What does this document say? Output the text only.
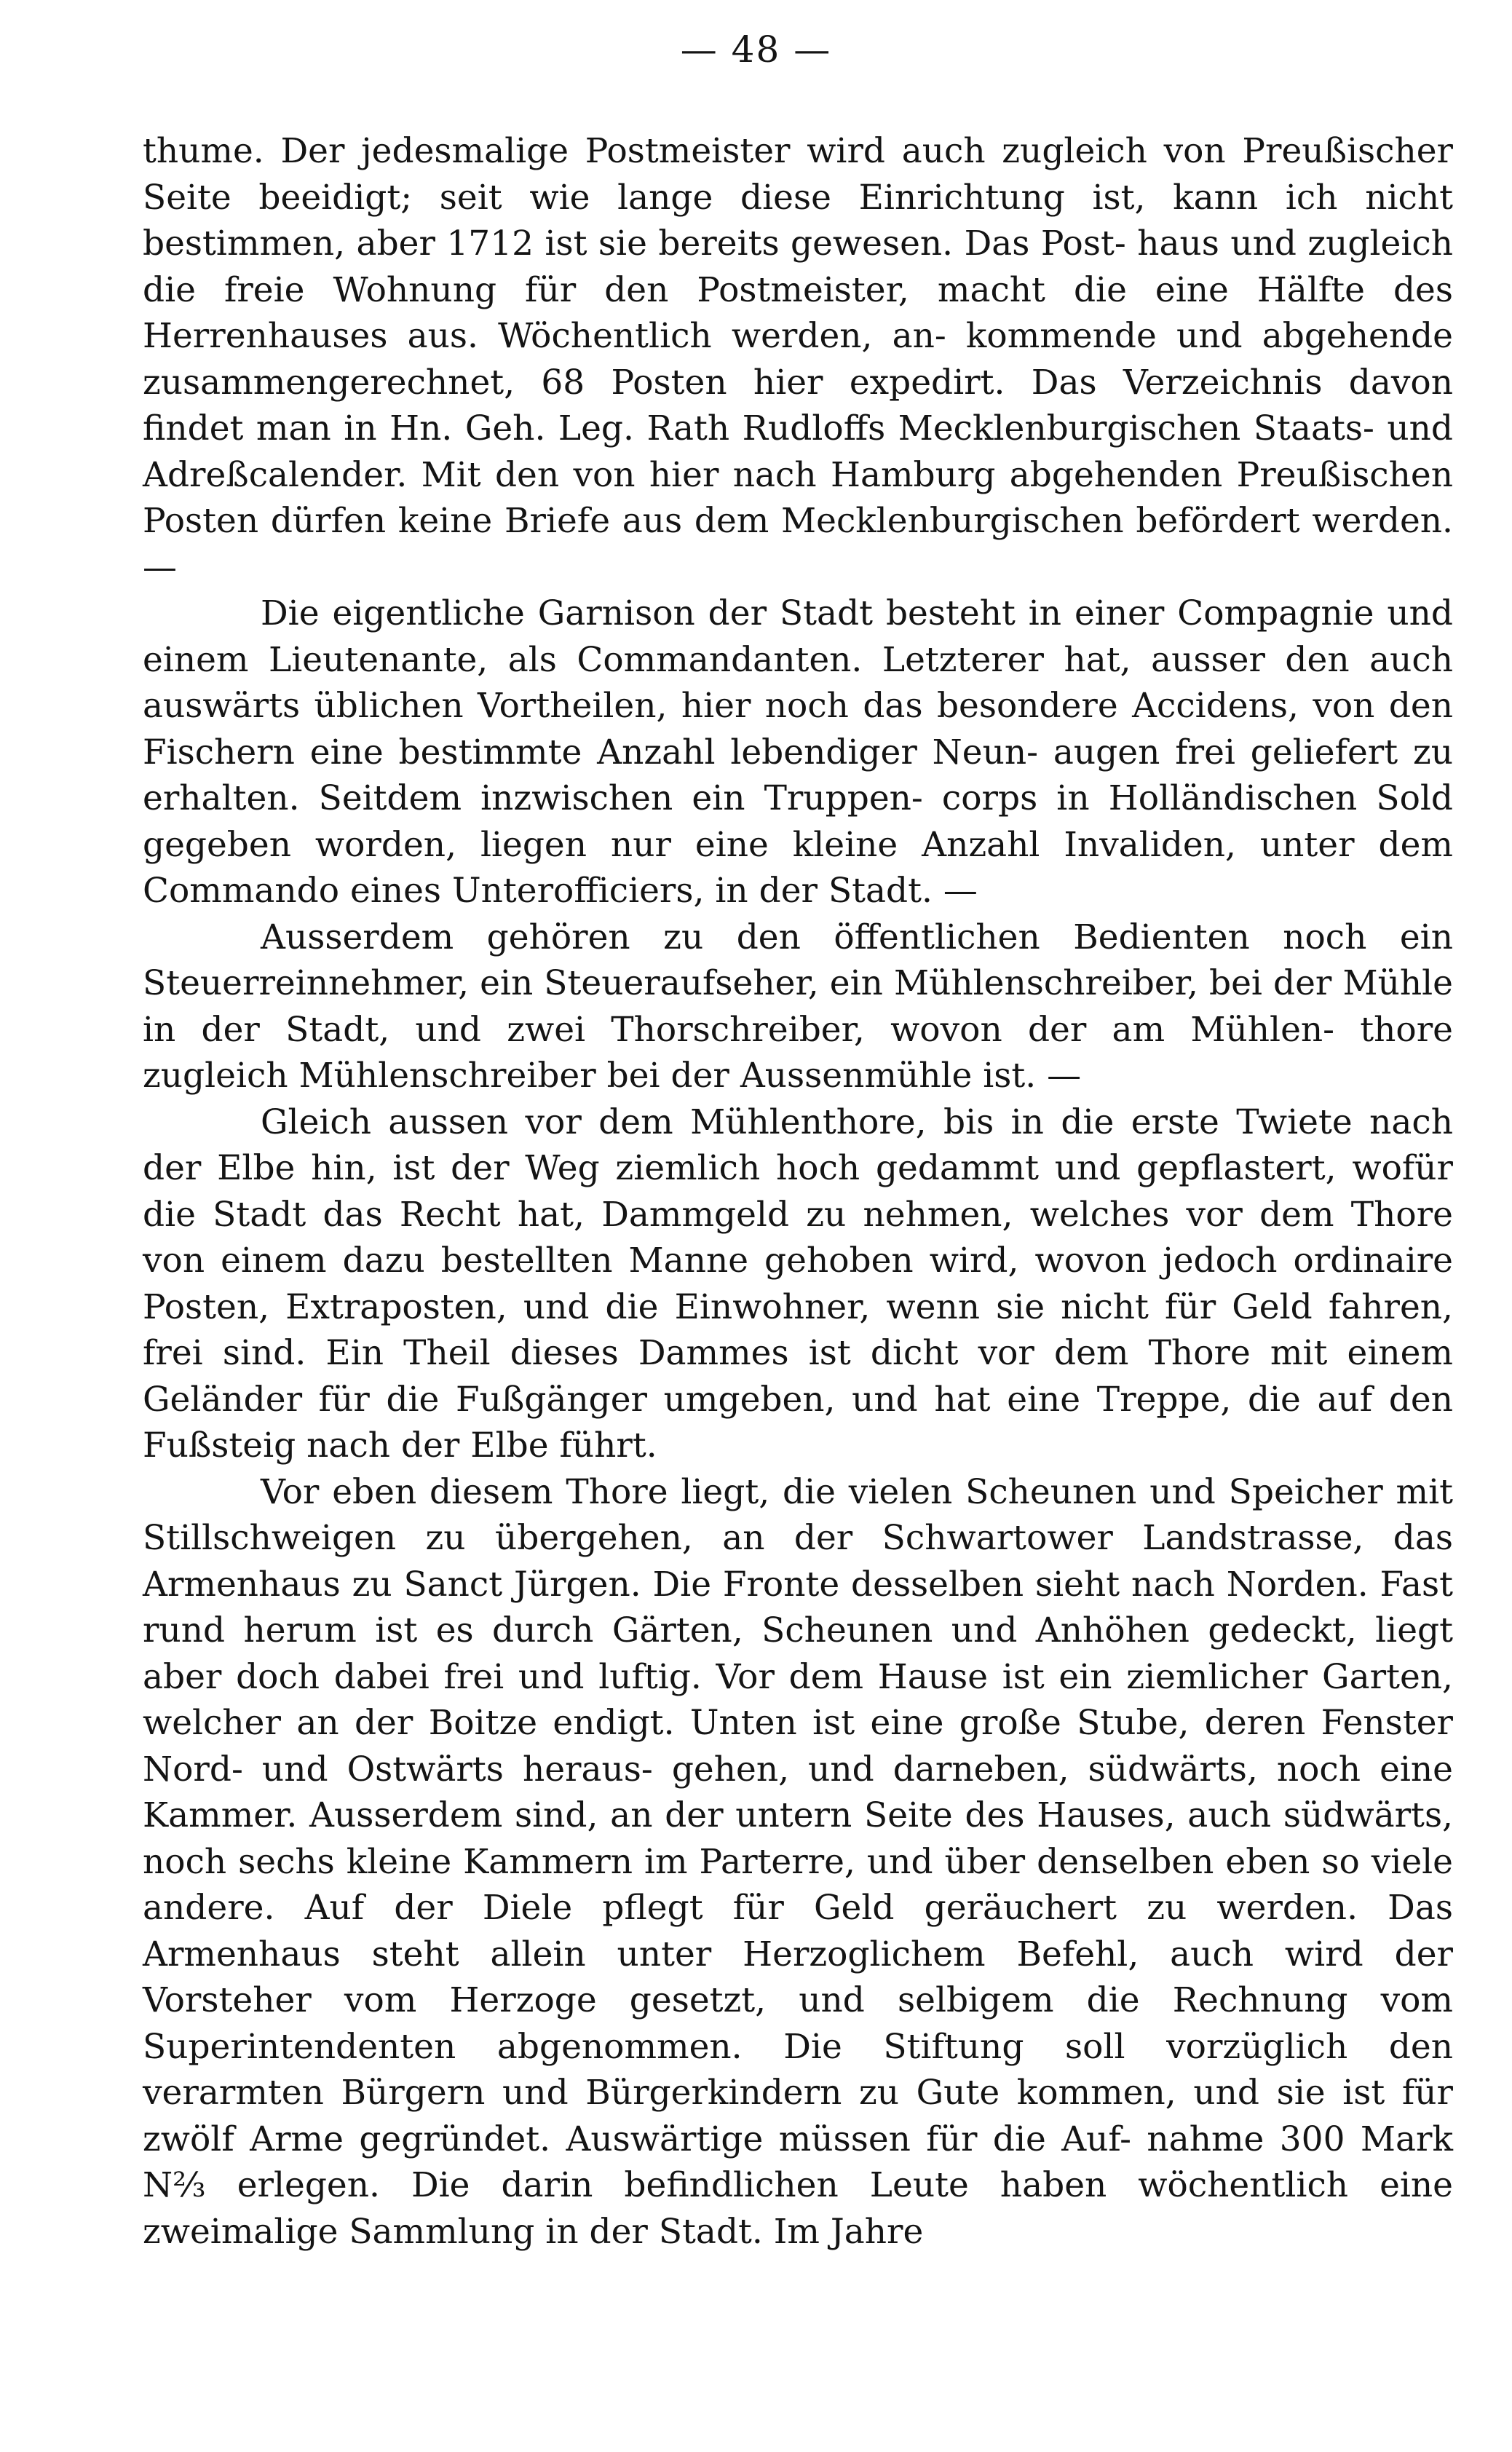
— 48 —

thume. Der jedesmalige Postmeister wird auch zugleich von Preußischer Seite beeidigt; seit wie lange diese Einrichtung ist, kann ich nicht bestimmen, aber 1712 ist sie bereits gewesen. Das Post- haus und zugleich die freie Wohnung für den Postmeister, macht die eine Hälfte des Herrenhauses aus. Wöchentlich werden, an- kommende und abgehende zusammengerechnet, 68 Posten hier expedirt. Das Verzeichnis davon findet man in Hn. Geh. Leg. Rath Rudloffs Mecklenburgischen Staats- und Adreßcalender. Mit den von hier nach Hamburg abgehenden Preußischen Posten dürfen keine Briefe aus dem Mecklenburgischen befördert werden. —

Die eigentliche Garnison der Stadt besteht in einer Compagnie und einem Lieutenante, als Commandanten. Letzterer hat, ausser den auch auswärts üblichen Vortheilen, hier noch das besondere Accidens, von den Fischern eine bestimmte Anzahl lebendiger Neun- augen frei geliefert zu erhalten. Seitdem inzwischen ein Truppen- corps in Holländischen Sold gegeben worden, liegen nur eine kleine Anzahl Invaliden, unter dem Commando eines Unterofficiers, in der Stadt. —

Ausserdem gehören zu den öffentlichen Bedienten noch ein Steuerreinnehmer, ein Steueraufseher, ein Mühlenschreiber, bei der Mühle in der Stadt, und zwei Thorschreiber, wovon der am Mühlen- thore zugleich Mühlenschreiber bei der Aussenmühle ist. —

Gleich aussen vor dem Mühlenthore, bis in die erste Twiete nach der Elbe hin, ist der Weg ziemlich hoch gedammt und gepflastert, wofür die Stadt das Recht hat, Dammgeld zu nehmen, welches vor dem Thore von einem dazu bestellten Manne gehoben wird, wovon jedoch ordinaire Posten, Extraposten, und die Einwohner, wenn sie nicht für Geld fahren, frei sind. Ein Theil dieses Dammes ist dicht vor dem Thore mit einem Geländer für die Fußgänger umgeben, und hat eine Treppe, die auf den Fußsteig nach der Elbe führt.

Vor eben diesem Thore liegt, die vielen Scheunen und Speicher mit Stillschweigen zu übergehen, an der Schwartower Landstrasse, das Armenhaus zu Sanct Jürgen. Die Fronte desselben sieht nach Norden. Fast rund herum ist es durch Gärten, Scheunen und Anhöhen gedeckt, liegt aber doch dabei frei und luftig. Vor dem Hause ist ein ziemlicher Garten, welcher an der Boitze endigt. Unten ist eine große Stube, deren Fenster Nord- und Ostwärts heraus- gehen, und darneben, südwärts, noch eine Kammer. Ausserdem sind, an der untern Seite des Hauses, auch südwärts, noch sechs kleine Kammern im Parterre, und über denselben eben so viele andere. Auf der Diele pflegt für Geld geräuchert zu werden. Das Armenhaus steht allein unter Herzoglichem Befehl, auch wird der Vorsteher vom Herzoge gesetzt, und selbigem die Rechnung vom Superintendenten abgenommen. Die Stiftung soll vorzüglich den verarmten Bürgern und Bürgerkindern zu Gute kommen, und sie ist für zwölf Arme gegründet. Auswärtige müssen für die Auf- nahme 300 Mark N⅔ erlegen. Die darin befindlichen Leute haben wöchentlich eine zweimalige Sammlung in der Stadt. Im Jahre
